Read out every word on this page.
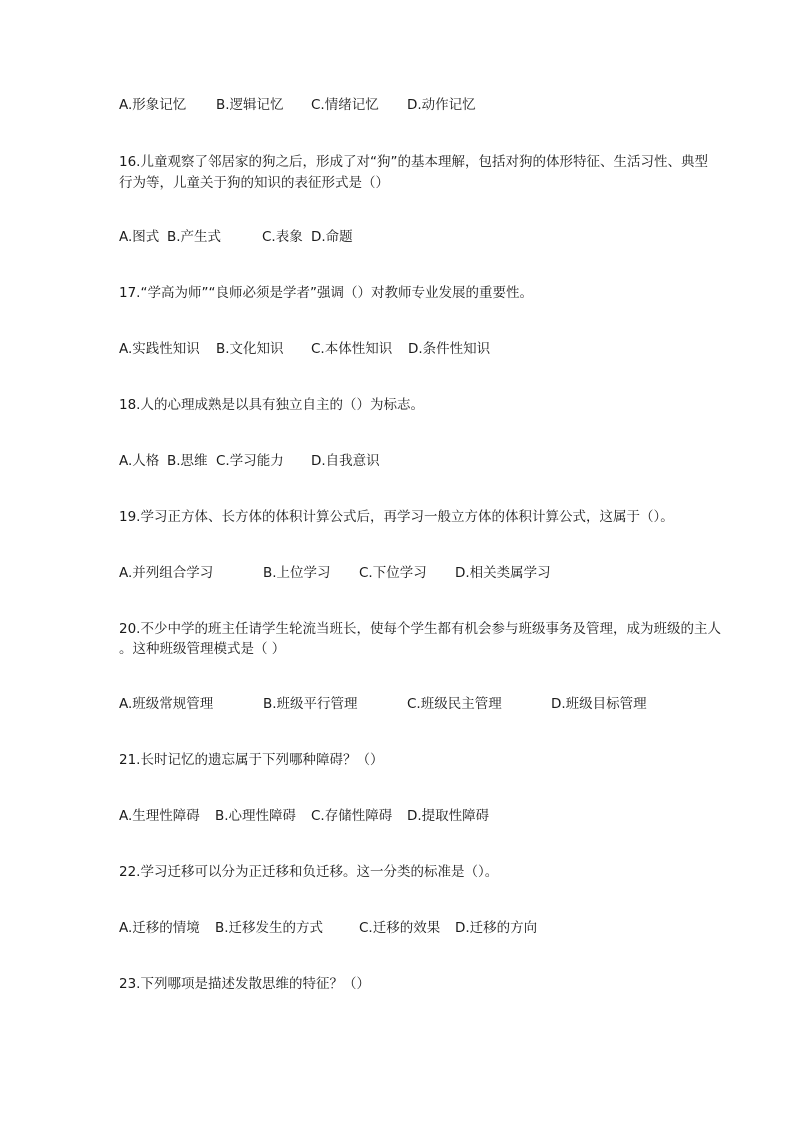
A.形象记忆 B.逻辑记忆 C.情绪记忆 D.动作记忆
16.儿童观察了邻居家的狗之后，形成了对“狗”的基本理解，包括对狗的体形特征、生活习性、典型
行为等，儿童关于狗的知识的表征形式是（）
A.图式 B.产生式	C.表象 D.命题
17.“学高为师”“良师必须是学者”强调（）对教师专业发展的重要性。
A.实践性知识 B.文化知识 C.本体性知识 D.条件性知识
18.人的心理成熟是以具有独立自主的（）为标志。
A.人格 B.思维 C.学习能力 D.自我意识
19.学习正方体、长方体的体积计算公式后，再学习一般立方体的体积计算公式，这属于（）。
A.并列组合学习	B.上位学习 C.下位学习 D.相关类属学习
20.不少中学的班主任请学生轮流当班长，使每个学生都有机会参与班级事务及管理，成为班级的主人
。这种班级管理模式是（ ）
A.班级常规管理	B.班级平行管理	C.班级民主管理	D.班级目标管理
21.长时记忆的遗忘属于下列哪种障碍？（）
A.生理性障碍 B.心理性障碍 C.存储性障碍 D.提取性障碍
22.学习迁移可以分为正迁移和负迁移。这一分类的标准是（）。
A.迁移的情境 B.迁移发生的方式	C.迁移的效果 D.迁移的方向
23.下列哪项是描述发散思维的特征？（）
